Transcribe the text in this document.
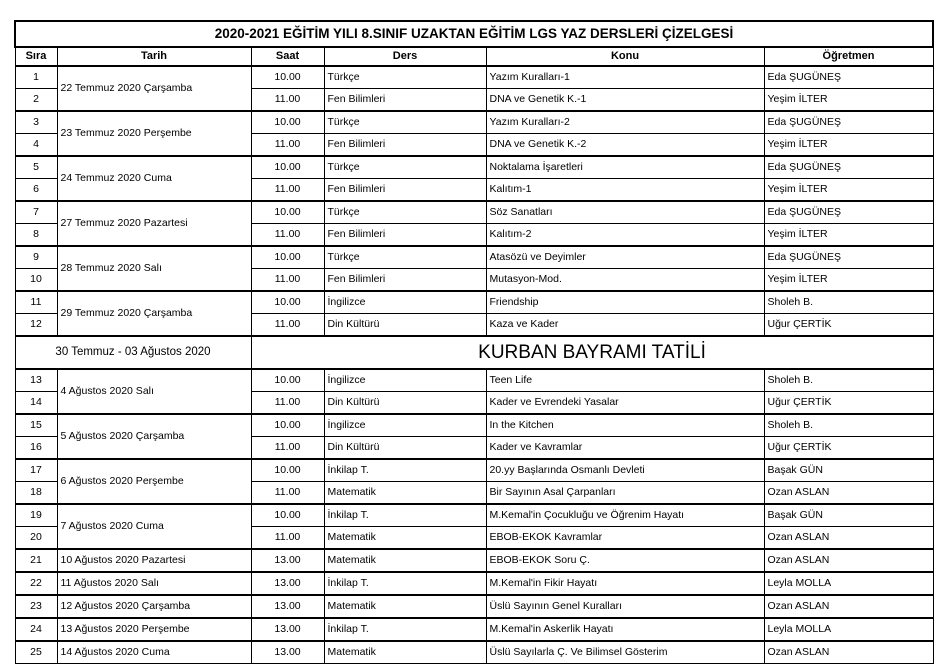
2020-2021 EĞİTİM YILI 8.SINIF UZAKTAN EĞİTİM LGS YAZ DERSLERİ ÇİZELGESİ					
Sıra	Tarih	Saat	Ders	Konu	Öğretmen
1	22 Temmuz 2020 Çarşamba	10.00	Türkçe	Yazım Kuralları-1	Eda ŞUGÜNEŞ
2		11.00	Fen Bilimleri	DNA ve Genetik K.-1	Yeşim İLTER
3	23 Temmuz 2020 Perşembe	10.00	Türkçe	Yazım Kuralları-2	Eda ŞUGÜNEŞ
4		11.00	Fen Bilimleri	DNA ve Genetik K.-2	Yeşim İLTER
5	24 Temmuz 2020 Cuma	10.00	Türkçe	Noktalama İşaretleri	Eda ŞUGÜNEŞ
6		11.00	Fen Bilimleri	Kalıtım-1	Yeşim İLTER
7	27 Temmuz 2020 Pazartesi	10.00	Türkçe	Söz Sanatları	Eda ŞUGÜNEŞ
8		11.00	Fen Bilimleri	Kalıtım-2	Yeşim İLTER
9	28 Temmuz 2020 Salı	10.00	Türkçe	Atasözü ve Deyimler	Eda ŞUGÜNEŞ
10		11.00	Fen Bilimleri	Mutasyon-Mod.	Yeşim İLTER
11	29 Temmuz 2020 Çarşamba	10.00	İngilizce	Friendship	Sholeh B.
12		11.00	Din Kültürü	Kaza ve Kader	Uğur ÇERTİK
30 Temmuz - 03 Ağustos 2020		KURBAN BAYRAMI TATİLİ			
13	4 Ağustos 2020 Salı	10.00	İngilizce	Teen Life	Sholeh B.
14		11.00	Din Kültürü	Kader ve Evrendeki Yasalar	Uğur ÇERTİK
15	5 Ağustos 2020 Çarşamba	10.00	İngilizce	In the Kitchen	Sholeh B.
16		11.00	Din Kültürü	Kader ve Kavramlar	Uğur ÇERTİK
17	6 Ağustos 2020 Perşembe	10.00	İnkilap T.	20.yy Başlarında Osmanlı Devleti	Başak GÜN
18		11.00	Matematik	Bir Sayının Asal Çarpanları	Ozan ASLAN
19	7 Ağustos 2020 Cuma	10.00	İnkilap T.	M.Kemal'in Çocukluğu ve Öğrenim Hayatı	Başak GÜN
20		11.00	Matematik	EBOB-EKOK Kavramlar	Ozan ASLAN
21	10 Ağustos 2020 Pazartesi	13.00	Matematik	EBOB-EKOK Soru Ç.	Ozan ASLAN
22	11 Ağustos 2020 Salı	13.00	İnkilap T.	M.Kemal'in Fikir Hayatı	Leyla MOLLA
23	12 Ağustos 2020 Çarşamba	13.00	Matematik	Üslü Sayının Genel Kuralları	Ozan ASLAN
24	13 Ağustos 2020 Perşembe	13.00	İnkilap T.	M.Kemal'in Askerlik Hayatı	Leyla MOLLA
25	14 Ağustos 2020 Cuma	13.00	Matematik	Üslü Sayılarla Ç. Ve Bilimsel Gösterim	Ozan ASLAN
